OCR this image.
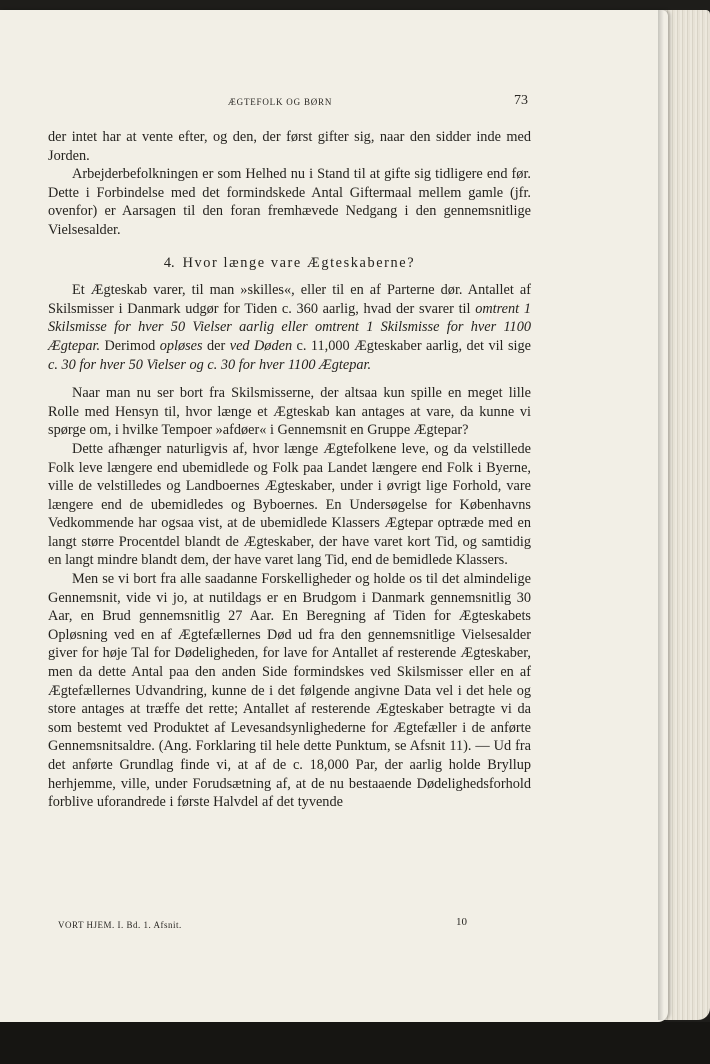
ÆGTEFOLK OG BØRN	73

der intet har at vente efter, og den, der først gifter sig, naar den sidder inde med Jorden.

Arbejderbefolkningen er som Helhed nu i Stand til at gifte sig tidligere end før. Dette i Forbindelse med det formindskede Antal Giftermaal mellem gamle (jfr. ovenfor) er Aarsagen til den foran fremhævede Nedgang i den gennemsnitlige Vielsesalder.

4. Hvor længe vare Ægteskaberne?

Et Ægteskab varer, til man »skilles«, eller til en af Parterne dør. Antallet af Skilsmisser i Danmark udgør for Tiden c. 360 aarlig, hvad der svarer til omtrent 1 Skilsmisse for hver 50 Vielser aarlig eller omtrent 1 Skilsmisse for hver 1100 Ægtepar. Derimod opløses der ved Døden c. 11,000 Ægteskaber aarlig, det vil sige c. 30 for hver 50 Vielser og c. 30 for hver 1100 Ægtepar.

Naar man nu ser bort fra Skilsmisserne, der altsaa kun spille en meget lille Rolle med Hensyn til, hvor længe et Ægteskab kan antages at vare, da kunne vi spørge om, i hvilke Tempoer »afdøer« i Gennemsnit en Gruppe Ægtepar?

Dette afhænger naturligvis af, hvor længe Ægtefolkene leve, og da velstillede Folk leve længere end ubemidlede og Folk paa Landet længere end Folk i Byerne, ville de velstilledes og Landboernes Ægteskaber, under i øvrigt lige Forhold, vare længere end de ubemidledes og Byboernes. En Undersøgelse for Københavns Vedkommende har ogsaa vist, at de ubemidlede Klassers Ægtepar optræde med en langt større Procentdel blandt de Ægteskaber, der have varet kort Tid, og samtidig en langt mindre blandt dem, der have varet lang Tid, end de bemidlede Klassers.

Men se vi bort fra alle saadanne Forskelligheder og holde os til det almindelige Gennemsnit, vide vi jo, at nutildags er en Brudgom i Danmark gennemsnitlig 30 Aar, en Brud gennemsnitlig 27 Aar. En Beregning af Tiden for Ægteskabets Opløsning ved en af Ægtefællernes Død ud fra den gennemsnitlige Vielsesalder giver for høje Tal for Dødeligheden, for lave for Antallet af resterende Ægteskaber, men da dette Antal paa den anden Side formindskes ved Skilsmisser eller en af Ægtefællernes Udvandring, kunne de i det følgende angivne Data vel i det hele og store antages at træffe det rette; Antallet af resterende Ægteskaber betragte vi da som bestemt ved Produktet af Levesandsynlighederne for Ægtefæller i de anførte Gennemsnitsaldre. (Ang. Forklaring til hele dette Punktum, se Afsnit 11). — Ud fra det anførte Grundlag finde vi, at af de c. 18,000 Par, der aarlig holde Bryllup herhjemme, ville, under Forudsætning af, at de nu bestaaende Dødelighedsforhold forblive uforandrede i første Halvdel af det tyvende

VORT HJEM. I. Bd. 1. Afsnit.	10
